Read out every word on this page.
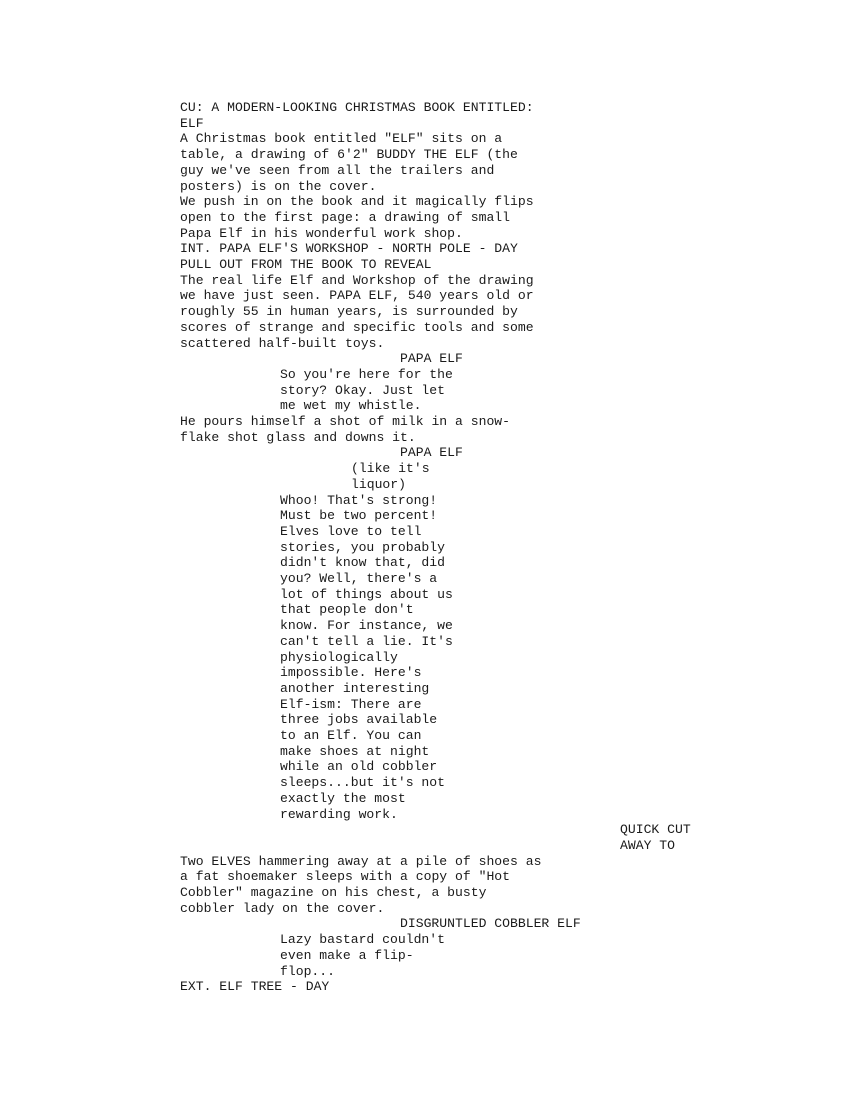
CU: A MODERN-LOOKING CHRISTMAS BOOK ENTITLED:
ELF
A Christmas book entitled "ELF" sits on a
table, a drawing of 6'2" BUDDY THE ELF (the
guy we've seen from all the trailers and
posters) is on the cover.
We push in on the book and it magically flips
open to the first page: a drawing of small
Papa Elf in his wonderful work shop.
INT. PAPA ELF'S WORKSHOP - NORTH POLE - DAY
PULL OUT FROM THE BOOK TO REVEAL
The real life Elf and Workshop of the drawing
we have just seen. PAPA ELF, 540 years old or
roughly 55 in human years, is surrounded by
scores of strange and specific tools and some
scattered half-built toys.
PAPA ELF
So you're here for the
story? Okay. Just let
me wet my whistle.
He pours himself a shot of milk in a snow-
flake shot glass and downs it.
PAPA ELF
(like it's
liquor)
Whoo! That's strong!
Must be two percent!
Elves love to tell
stories, you probably
didn't know that, did
you? Well, there's a
lot of things about us
that people don't
know. For instance, we
can't tell a lie. It's
physiologically
impossible. Here's
another interesting
Elf-ism: There are
three jobs available
to an Elf. You can
make shoes at night
while an old cobbler
sleeps...but it's not
exactly the most
rewarding work.
QUICK CUT
AWAY TO
Two ELVES hammering away at a pile of shoes as
a fat shoemaker sleeps with a copy of "Hot
Cobbler" magazine on his chest, a busty
cobbler lady on the cover.
DISGRUNTLED COBBLER ELF
Lazy bastard couldn't
even make a flip-
flop...
EXT. ELF TREE - DAY
